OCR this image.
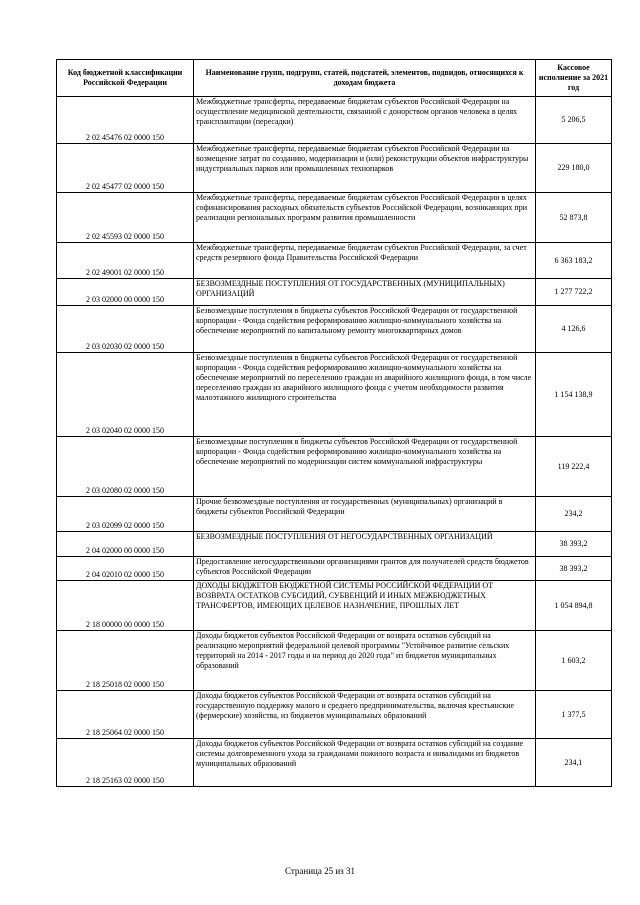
Код бюджетной классификации Российской Федерации	Наименование групп, подгрупп, статей, подстатей, элементов, подвидов, относящихся к доходам бюджета	Кассовое исполнение за 2021 год
2 02 45476 02 0000 150	Межбюджетные трансферты, передаваемые бюджетам субъектов Российской Федерации на осуществление медицинской деятельности, связанной с донорством органов человека в целях трансплантации (пересадки)	5 206,5
2 02 45477 02 0000 150	Межбюджетные трансферты, передаваемые бюджетам субъектов Российской Федерации на возмещение затрат по созданию, модернизации и (или) реконструкции объектов инфраструктуры индустриальных парков или промышленных технопарков	229 180,0
2 02 45593 02 0000 150	Межбюджетные трансферты, передаваемые бюджетам субъектов Российской Федерации в целях софинансирования расходных обязательств субъектов Российской Федерации, возникающих при реализации региональных программ развития промышленности	52 873,8
2 02 49001 02 0000 150	Межбюджетные трансферты, передаваемые бюджетам субъектов Российской Федерации, за счет средств резервного фонда Правительства Российской Федерации	6 363 183,2
2 03 02000 00 0000 150	БЕЗВОЗМЕЗДНЫЕ ПОСТУПЛЕНИЯ ОТ ГОСУДАРСТВЕННЫХ (МУНИЦИПАЛЬНЫХ) ОРГАНИЗАЦИЙ	1 277 722,2
2 03 02030 02 0000 150	Безвозмездные поступления в бюджеты субъектов Российской Федерации от государственной корпорации - Фонда содействия реформированию жилищно-коммунального хозяйства на обеспечение мероприятий по капитальному ремонту многоквартирных домов	4 126,6
2 03 02040 02 0000 150	Безвозмездные поступления в бюджеты субъектов Российской Федерации от государственной корпорации - Фонда содействия реформированию жилищно-коммунального хозяйства на обеспечение мероприятий по переселению граждан из аварийного жилищного фонда, в том числе переселению граждан из аварийного жилищного фонда с учетом необходимости развития малоэтажного жилищного строительства	1 154 138,9
2 03 02080 02 0000 150	Безвозмездные поступления в бюджеты субъектов Российской Федерации от государственной корпорации - Фонда содействия реформированию жилищно-коммунального хозяйства на обеспечение мероприятий по модернизации систем коммунальной инфраструктуры	119 222,4
2 03 02099 02 0000 150	Прочие безвозмездные поступления от государственных (муниципальных) организаций в бюджеты субъектов Российской Федерации	234,2
2 04 02000 00 0000 150	БЕЗВОЗМЕЗДНЫЕ ПОСТУПЛЕНИЯ ОТ НЕГОСУДАРСТВЕННЫХ ОРГАНИЗАЦИЙ	38 393,2
2 04 02010 02 0000 150	Предоставление негосударственными организациями грантов для получателей средств бюджетов субъектов Российской Федерации	38 393,2
2 18 00000 00 0000 150	ДОХОДЫ БЮДЖЕТОВ БЮДЖЕТНОЙ СИСТЕМЫ РОССИЙСКОЙ ФЕДЕРАЦИИ ОТ ВОЗВРАТА ОСТАТКОВ СУБСИДИЙ, СУБВЕНЦИЙ И ИНЫХ МЕЖБЮДЖЕТНЫХ ТРАНСФЕРТОВ, ИМЕЮЩИХ ЦЕЛЕВОЕ НАЗНАЧЕНИЕ, ПРОШЛЫХ ЛЕТ	1 054 894,8
2 18 25018 02 0000 150	Доходы бюджетов субъектов Российской Федерации от возврата остатков субсидий на реализацию мероприятий федеральной целевой программы "Устойчивое развитие сельских территорий на 2014 - 2017 годы и на период до 2020 года" из бюджетов муниципальных образований	1 603,2
2 18 25064 02 0000 150	Доходы бюджетов субъектов Российской Федерации от возврата остатков субсидий на государственную поддержку малого и среднего предпринимательства, включая крестьянские (фермерские) хозяйства, из бюджетов муниципальных образований	1 377,5
2 18 25163 02 0000 150	Доходы бюджетов субъектов Российской Федерации от возврата остатков субсидий на создание системы долговременного ухода за гражданами пожилого возраста и инвалидами из бюджетов муниципальных образований	234,1
Страница 25 из 31
